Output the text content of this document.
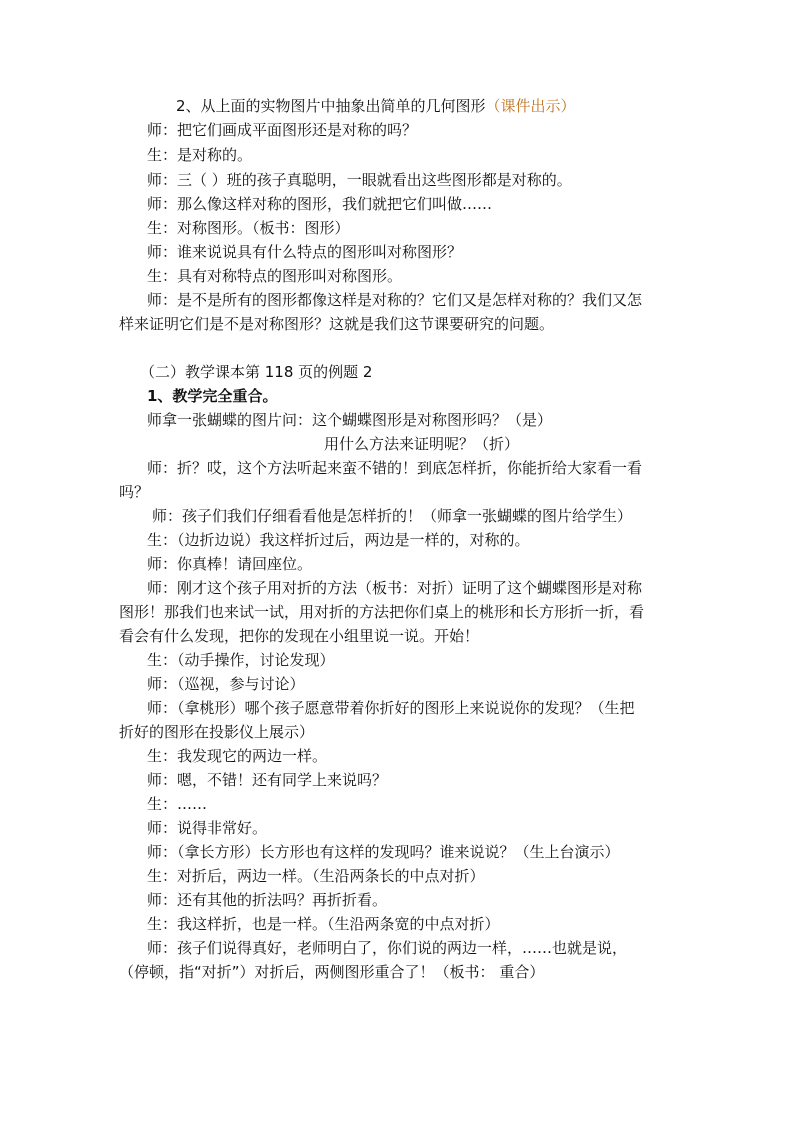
2、从上面的实物图片中抽象出简单的几何图形（课件出示）
师：把它们画成平面图形还是对称的吗？
生：是对称的。
师：三（ ）班的孩子真聪明，一眼就看出这些图形都是对称的。
师：那么像这样对称的图形，我们就把它们叫做……
生：对称图形。（板书：图形）
师：谁来说说具有什么特点的图形叫对称图形？
生：具有对称特点的图形叫对称图形。
师：是不是所有的图形都像这样是对称的？它们又是怎样对称的？我们又怎
样来证明它们是不是对称图形？这就是我们这节课要研究的问题。
（二）教学课本第 118 页的例题 2
1、教学完全重合。
师拿一张蝴蝶的图片问：这个蝴蝶图形是对称图形吗？（是）
用什么方法来证明呢？（折）
师：折？哎，这个方法听起来蛮不错的！到底怎样折，你能折给大家看一看
吗？
师：孩子们我们仔细看看他是怎样折的！（师拿一张蝴蝶的图片给学生）
生：（边折边说）我这样折过后，两边是一样的，对称的。
师：你真棒！请回座位。
师：刚才这个孩子用对折的方法（板书：对折）证明了这个蝴蝶图形是对称
图形！那我们也来试一试，用对折的方法把你们桌上的桃形和长方形折一折，看
看会有什么发现，把你的发现在小组里说一说。开始！
生：（动手操作，讨论发现）
师：（巡视，参与讨论）
师：（拿桃形）哪个孩子愿意带着你折好的图形上来说说你的发现？（生把
折好的图形在投影仪上展示）
生：我发现它的两边一样。
师：嗯，不错！还有同学上来说吗？
生：……
师：说得非常好。
师：（拿长方形）长方形也有这样的发现吗？谁来说说？（生上台演示）
生：对折后，两边一样。（生沿两条长的中点对折）
师：还有其他的折法吗？再折折看。
生：我这样折，也是一样。（生沿两条宽的中点对折）
师：孩子们说得真好，老师明白了，你们说的两边一样，……也就是说，
（停顿，指“对折”）对折后，两侧图形重合了！（板书： 重合）
